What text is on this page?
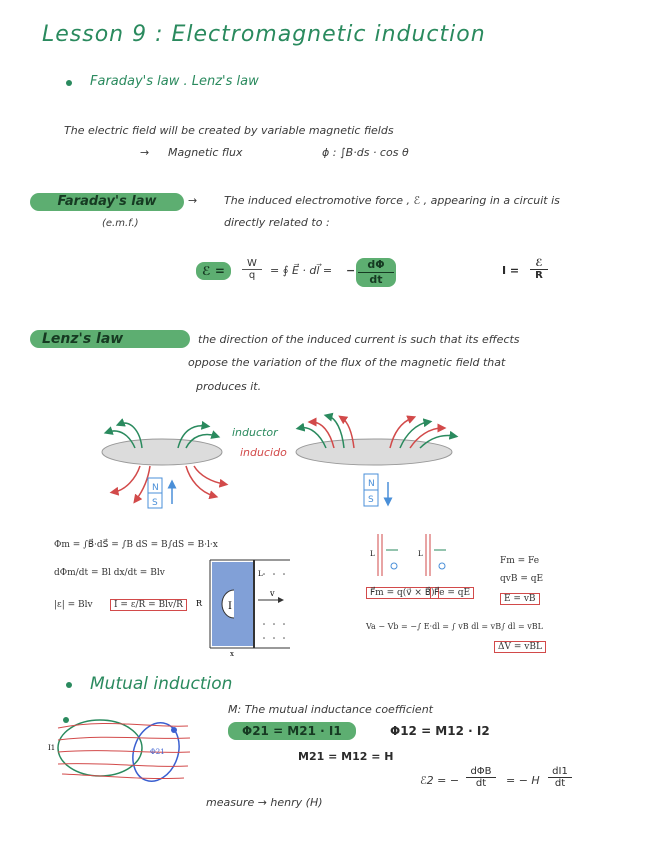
Lesson 9 : Electromagnetic induction
Faraday's law . Lenz's law
The electric field will be created by variable magnetic fields
→ Magnetic flux	ϕ : ∫B·ds · cos θ
Faraday's law
(e.m.f.)
→ The induced electromotive force , ℰ , appearing in a circuit is
directly related to :
ℰ =
W
q	= ∮ E⃗ · dl⃗ = −	dΦ
dt
I =
ℰ
R
Lenz's law	the direction of the induced current is such that its effects
oppose the variation of the flux of the magnetic field that
produces it.
N
S
inductor
inducido
N
S
Φm = ∫B⃗·dS⃗ = ∫B dS = B∫dS = B·l·x
dΦm/dt = Bl dx/dt = Blv
|ε| = Blv	I = ε/R = Blv/R	I
v
R
L
x
L	L
F⃗m = q(v⃗ × B⃗) F⃗e = qE
Fm = Fe
qvB = qE
E = vB
Va − Vb = −∫ E·dl = ∫ vB dl = vB∫ dl = vBL
ΔV = vBL
Mutual induction
M: The mutual inductance coefficient
I1	Φ21
Φ21 = M21 · I1	Φ12 = M12 · I2
M21 = M12 = H
ℰ2 = −
dΦB
dt	= − H $\frac{dI1}{dt}$
measure → henry (H)
